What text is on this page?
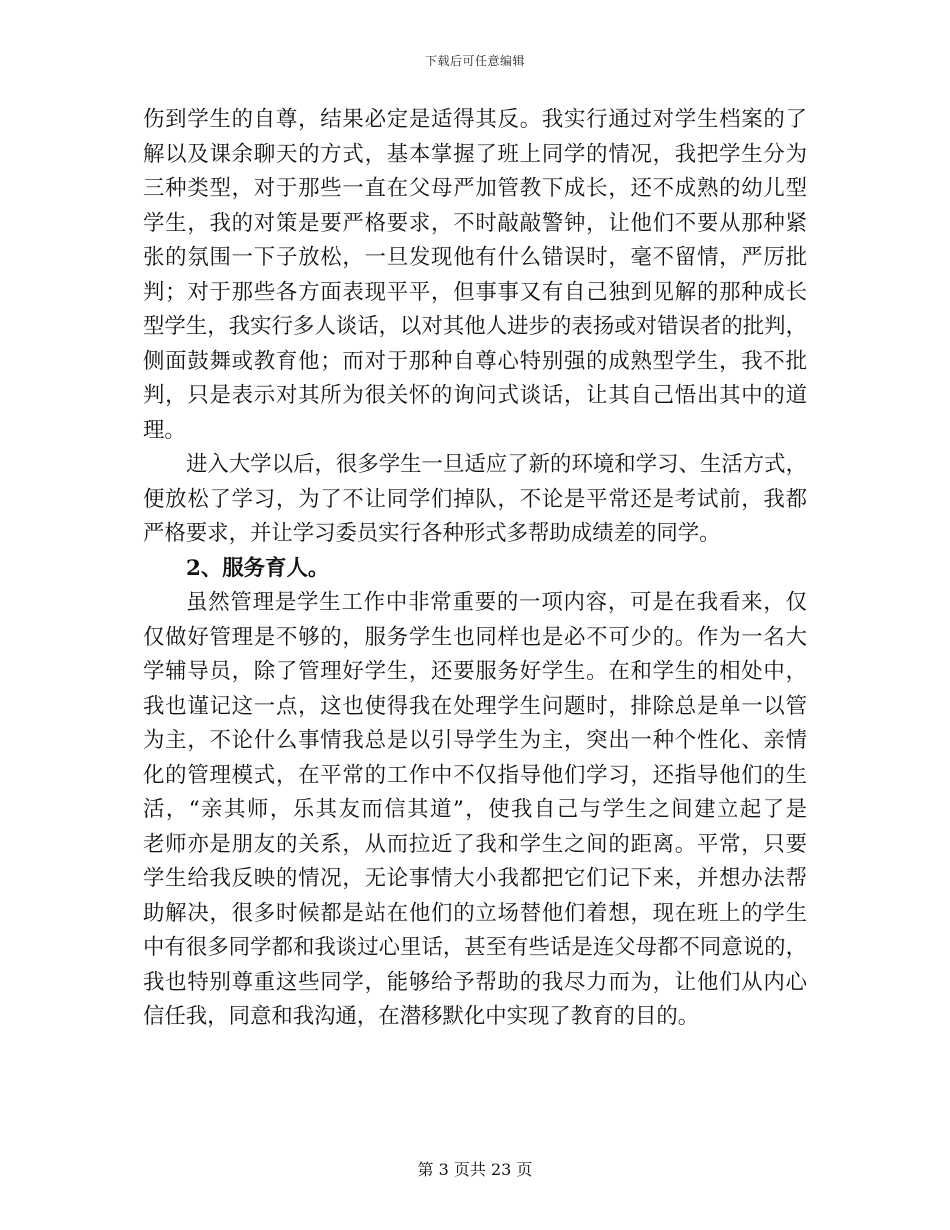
下载后可任意编辑

伤到学生的自尊，结果必定是适得其反。我实行通过对学生档案的了
解以及课余聊天的方式，基本掌握了班上同学的情况，我把学生分为
三种类型，对于那些一直在父母严加管教下成长，还不成熟的幼儿型
学生，我的对策是要严格要求，不时敲敲警钟，让他们不要从那种紧
张的氛围一下子放松，一旦发现他有什么错误时，毫不留情，严厉批
判；对于那些各方面表现平平，但事事又有自己独到见解的那种成长
型学生，我实行多人谈话，以对其他人进步的表扬或对错误者的批判，
侧面鼓舞或教育他；而对于那种自尊心特别强的成熟型学生，我不批
判，只是表示对其所为很关怀的询问式谈话，让其自己悟出其中的道
理。

进入大学以后，很多学生一旦适应了新的环境和学习、生活方式，
便放松了学习，为了不让同学们掉队，不论是平常还是考试前，我都
严格要求，并让学习委员实行各种形式多帮助成绩差的同学。

2、服务育人。

虽然管理是学生工作中非常重要的一项内容，可是在我看来，仅
仅做好管理是不够的，服务学生也同样也是必不可少的。作为一名大
学辅导员，除了管理好学生，还要服务好学生。在和学生的相处中，
我也谨记这一点，这也使得我在处理学生问题时，排除总是单一以管
为主，不论什么事情我总是以引导学生为主，突出一种个性化、亲情
化的管理模式，在平常的工作中不仅指导他们学习，还指导他们的生
活，“亲其师，乐其友而信其道”，使我自己与学生之间建立起了是
老师亦是朋友的关系，从而拉近了我和学生之间的距离。平常，只要
学生给我反映的情况，无论事情大小我都把它们记下来，并想办法帮
助解决，很多时候都是站在他们的立场替他们着想，现在班上的学生
中有很多同学都和我谈过心里话，甚至有些话是连父母都不同意说的，
我也特别尊重这些同学，能够给予帮助的我尽力而为，让他们从内心
信任我，同意和我沟通，在潜移默化中实现了教育的目的。

第 3 页共 23 页
